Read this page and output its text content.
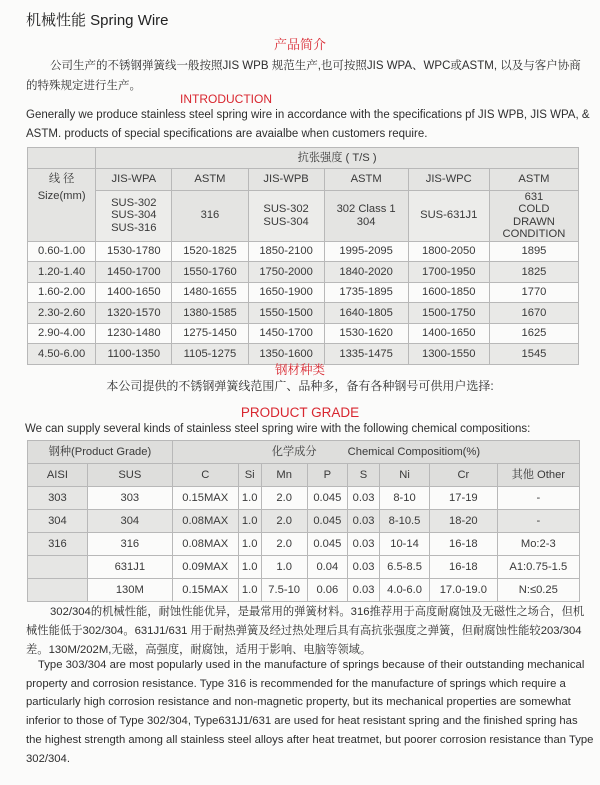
机械性能 Spring Wire
产品简介
公司生产的不锈钢弹簧线一般按照JIS WPB 规范生产,也可按照JIS WPA、WPC或ASTM, 以及与客户协商的特殊规定进行生产。
INTRODUCTION
Generally we produce stainless steel spring wire in accordance with the specifications pf JIS WPB, JIS WPA, & ASTM. products of special specifications are avaialbe when customers require.
	抗张强度 ( T/S )					
线 径	JIS-WPA	ASTM	JIS-WPB	ASTM	JIS-WPC	ASTM
Size(mm)	SUS-302
SUS-304
SUS-316	316	SUS-302
SUS-304	302 Class 1
304	SUS-631J1	631
COLD
DRAWN
CONDITION
0.60-1.00	1530-1780	1520-1825	1850-2100	1995-2095	1800-2050	1895
1.20-1.40	1450-1700	1550-1760	1750-2000	1840-2020	1700-1950	1825
1.60-2.00	1400-1650	1480-1655	1650-1900	1735-1895	1600-1850	1770
2.30-2.60	1320-1570	1380-1585	1550-1500	1640-1805	1500-1750	1670
2.90-4.00	1230-1480	1275-1450	1450-1700	1530-1620	1400-1650	1625
4.50-6.00	1100-1350	1105-1275	1350-1600	1335-1475	1300-1550	1545
钢材种类
本公司提供的不锈钢弹簧线范围广、品种多，备有各种钢号可供用户选择:
PRODUCT GRADE
We can supply several kinds of stainless steel spring wire with the following chemical compositions:
钢种(Product Grade)		化学成分 Chemical Compositiom(%)							
AISI	SUS	C	Si	Mn	P	S	Ni	Cr	其他 Other
303	303	0.15MAX	1.0	2.0	0.045	0.03	8-10	17-19	-
304	304	0.08MAX	1.0	2.0	0.045	0.03	8-10.5	18-20	-
316	316	0.08MAX	1.0	2.0	0.045	0.03	10-14	16-18	Mo:2-3
	631J1	0.09MAX	1.0	1.0	0.04	0.03	6.5-8.5	16-18	A1:0.75-1.5
	130M	0.15MAX	1.0	7.5-10	0.06	0.03	4.0-6.0	17.0-19.0	N:≤0.25
302/304的机械性能，耐蚀性能优异，是最常用的弹簧材料。316推荐用于高度耐腐蚀及无磁性之场合，但机械性能低于302/304。631J1/631 用于耐热弹簧及经过热处理后具有高抗张强度之弹簧，但耐腐蚀性能较203/304差。130M/202M,无磁，高强度，耐腐蚀，适用于影响、电脑等领域。
Type 303/304 are most popularly used in the manufacture of springs because of their outstanding mechanical property and corrosion resistance. Type 316 is recommended for the manufacture of springs which require a particularly high corrosion resistance and non-magnetic property, but its mechanical properties are somewhat inferior to those of Type 302/304, Type631J1/631 are used for heat resistant spring and the finished spring has the highest strength among all stainless steel alloys after heat treatmet, but poorer corrosion resistance than Type 302/304.
